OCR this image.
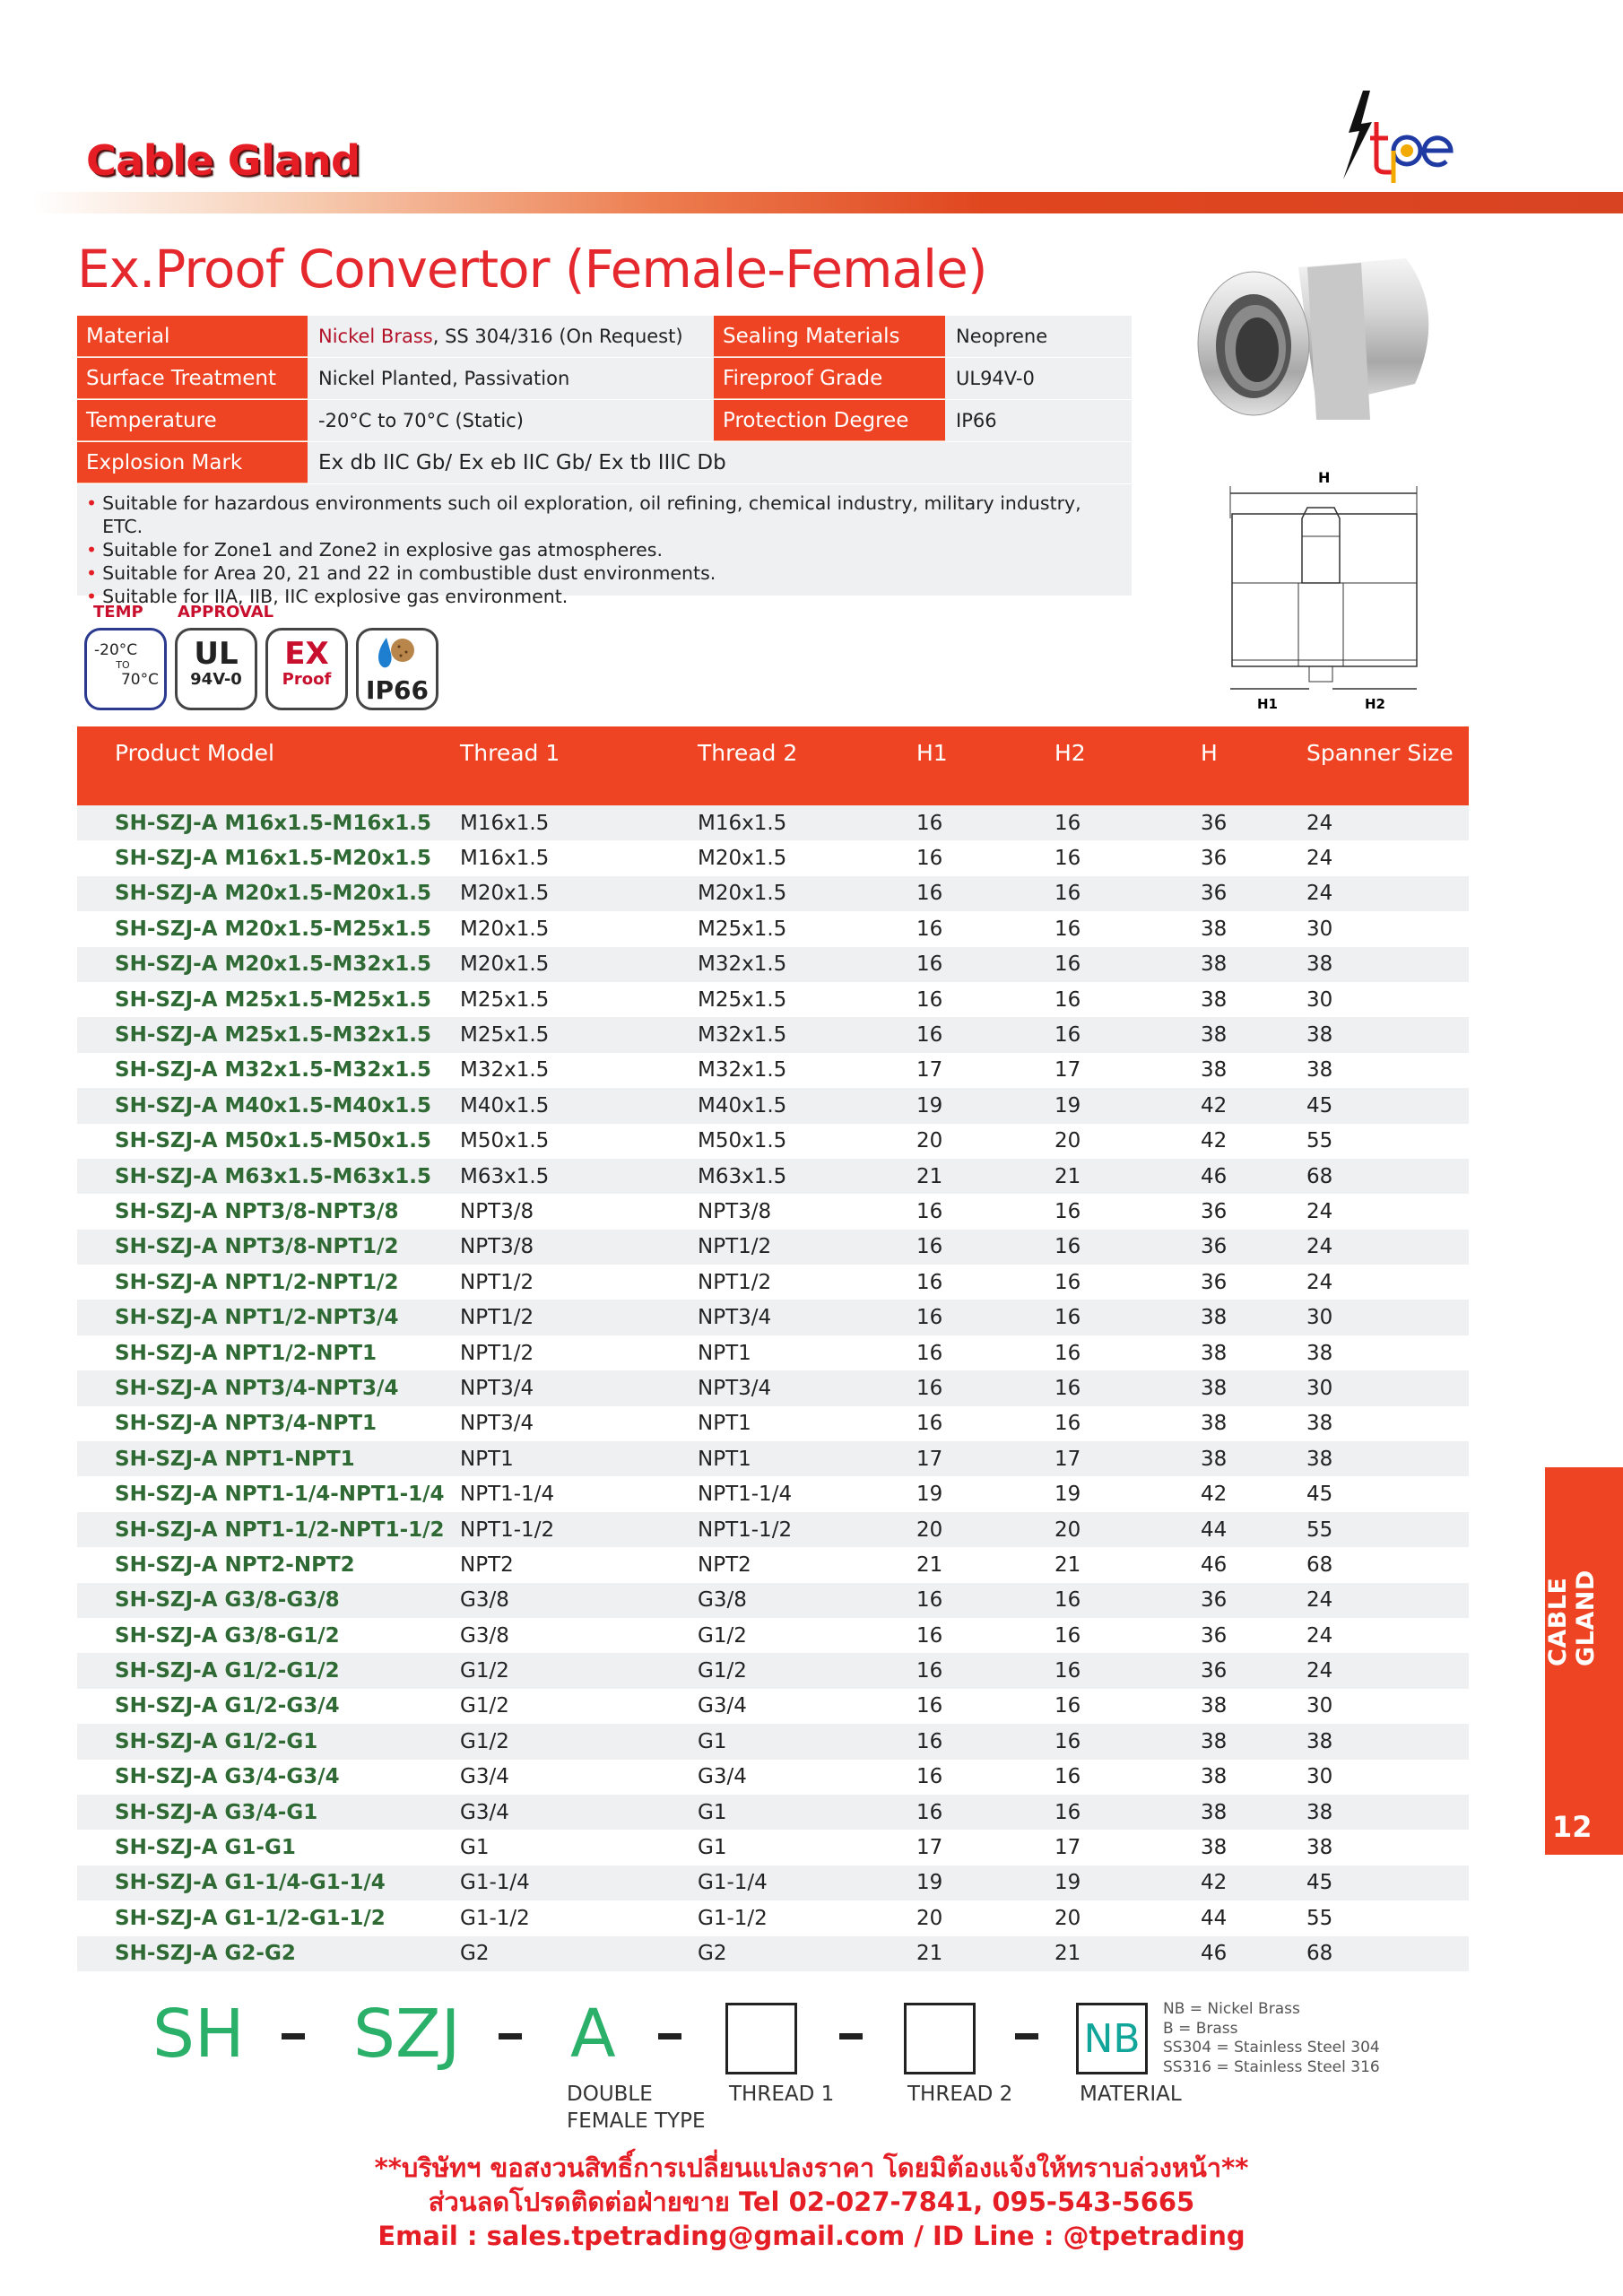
Cable Gland
Ex.Proof Convertor (Female-Female)
Material	Nickel Brass , SS 304/316 (On Request)	Sealing Materials	Neoprene
Surface Treatment	Nickel Planted, Passivation	Fireproof Grade	UL94V-0
Temperature	-20°C to 70°C (Static)	Protection Degree	IP66
Explosion Mark	Ex db IIC Gb/ Ex eb IIC Gb/ Ex tb IIIC Db
• Suitable for hazardous environments such oil exploration, oil refining, chemical industry, military industry, ETC.
• Suitable for Zone1 and Zone2 in explosive gas atmospheres.
• Suitable for Area 20, 21 and 22 in combustible dust environments.
• Suitable for IIA, IIB, IIC explosive gas environment.
TEMP APPROVAL
-20°C
TO
70°C
UL
94V-0
EX
Proof	IP66
H
H1	H2
Product Model	Thread 1	Thread 2	H1	H2	H	Spanner Size
SH-SZJ-A M16x1.5-M16x1.5	M16x1.5	M16x1.5	16	16	36	24
SH-SZJ-A M16x1.5-M20x1.5	M16x1.5	M20x1.5	16	16	36	24
SH-SZJ-A M20x1.5-M20x1.5	M20x1.5	M20x1.5	16	16	36	24
SH-SZJ-A M20x1.5-M25x1.5	M20x1.5	M25x1.5	16	16	38	30
SH-SZJ-A M20x1.5-M32x1.5	M20x1.5	M32x1.5	16	16	38	38
SH-SZJ-A M25x1.5-M25x1.5	M25x1.5	M25x1.5	16	16	38	30
SH-SZJ-A M25x1.5-M32x1.5	M25x1.5	M32x1.5	16	16	38	38
SH-SZJ-A M32x1.5-M32x1.5	M32x1.5	M32x1.5	17	17	38	38
SH-SZJ-A M40x1.5-M40x1.5	M40x1.5	M40x1.5	19	19	42	45
SH-SZJ-A M50x1.5-M50x1.5	M50x1.5	M50x1.5	20	20	42	55
SH-SZJ-A M63x1.5-M63x1.5	M63x1.5	M63x1.5	21	21	46	68
SH-SZJ-A NPT3/8-NPT3/8	NPT3/8	NPT3/8	16	16	36	24
SH-SZJ-A NPT3/8-NPT1/2	NPT3/8	NPT1/2	16	16	36	24
SH-SZJ-A NPT1/2-NPT1/2	NPT1/2	NPT1/2	16	16	36	24
SH-SZJ-A NPT1/2-NPT3/4	NPT1/2	NPT3/4	16	16	38	30
SH-SZJ-A NPT1/2-NPT1	NPT1/2	NPT1	16	16	38	38
SH-SZJ-A NPT3/4-NPT3/4	NPT3/4	NPT3/4	16	16	38	30
SH-SZJ-A NPT3/4-NPT1	NPT3/4	NPT1	16	16	38	38
SH-SZJ-A NPT1-NPT1	NPT1	NPT1	17	17	38	38
SH-SZJ-A NPT1-1/4-NPT1-1/4	NPT1-1/4	NPT1-1/4	19	19	42	45
SH-SZJ-A NPT1-1/2-NPT1-1/2	NPT1-1/2	NPT1-1/2	20	20	44	55
SH-SZJ-A NPT2-NPT2	NPT2	NPT2	21	21	46	68
SH-SZJ-A G3/8-G3/8	G3/8	G3/8	16	16	36	24
SH-SZJ-A G3/8-G1/2	G3/8	G1/2	16	16	36	24
SH-SZJ-A G1/2-G1/2	G1/2	G1/2	16	16	36	24
SH-SZJ-A G1/2-G3/4	G1/2	G3/4	16	16	38	30
SH-SZJ-A G1/2-G1	G1/2	G1	16	16	38	38
SH-SZJ-A G3/4-G3/4	G3/4	G3/4	16	16	38	30
SH-SZJ-A G3/4-G1	G3/4	G1	16	16	38	38
SH-SZJ-A G1-G1	G1	G1	17	17	38	38
SH-SZJ-A G1-1/4-G1-1/4	G1-1/4	G1-1/4	19	19	42	45
SH-SZJ-A G1-1/2-G1-1/2	G1-1/2	G1-1/2	20	20	44	55
SH-SZJ-A G2-G2	G2	G2	21	21	46	68
SH SZJ A	NB
NB = Nickel Brass
B = Brass
SS304 = Stainless Steel 304
SS316 = Stainless Steel 316
DOUBLE
FEMALE TYPE
THREAD 1	THREAD 2	MATERIAL
**บริษัทฯ ขอสงวนสิทธิ์การเปลี่ยนแปลงราคา โดยมิต้องแจ้งให้ทราบล่วงหน้า**
ส่วนลดโปรดติดต่อฝ่ายขาย Tel 02-027-7841, 095-543-5665
Email : sales.tpetrading@gmail.com / ID Line : @tpetrading
CABLE GLAND
12
